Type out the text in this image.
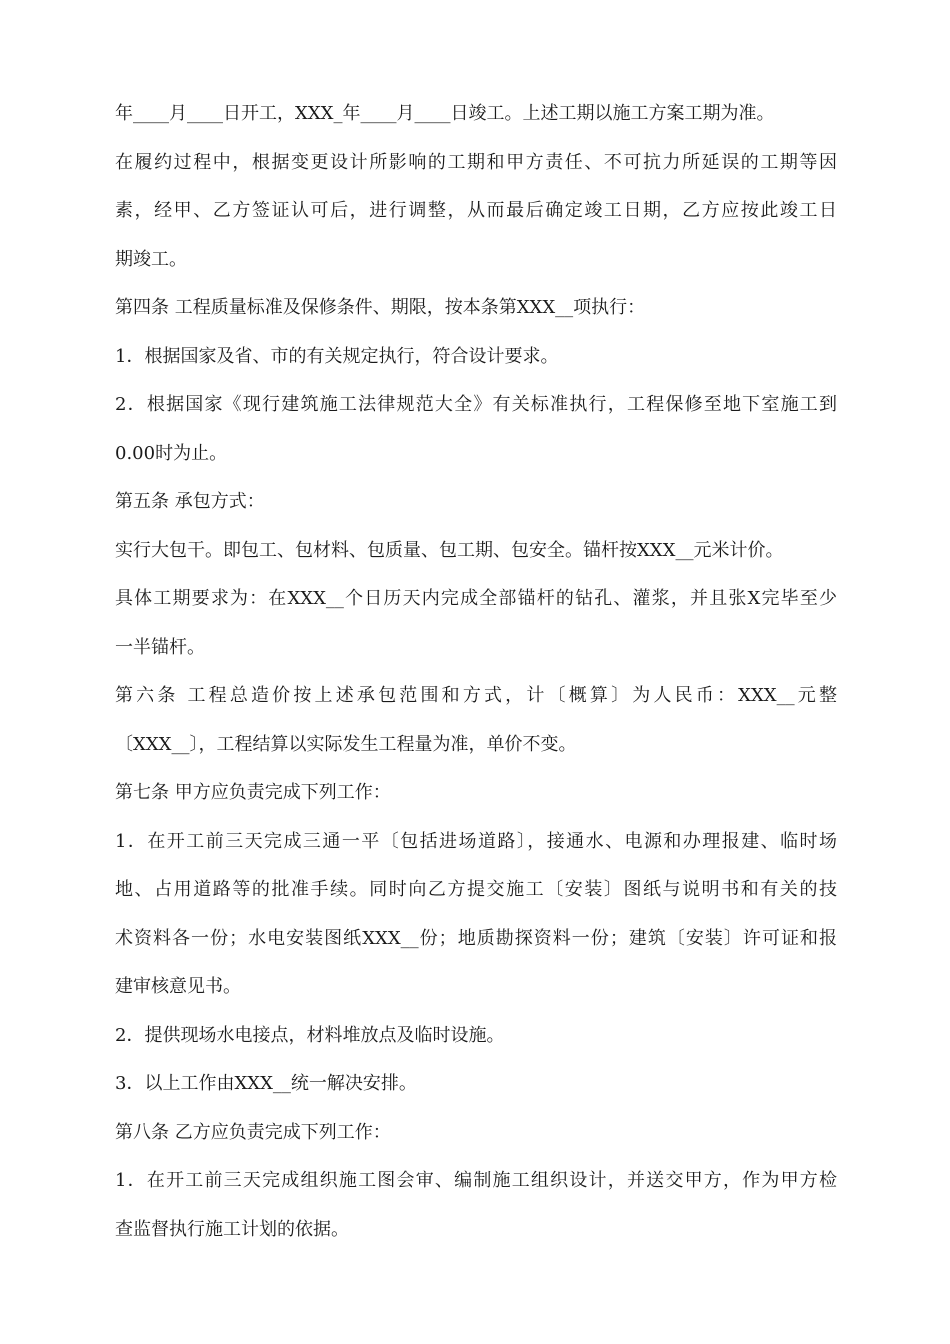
年____月____日开工，XXX_年____月____日竣工。上述工期以施工方案工期为准。
在履约过程中，根据变更设计所影响的工期和甲方责任、不可抗力所延误的工期等因
素，经甲、乙方签证认可后，进行调整，从而最后确定竣工日期，乙方应按此竣工日
期竣工。
第四条 工程质量标准及保修条件、期限，按本条第XXX__项执行：
1．根据国家及省、市的有关规定执行，符合设计要求。
2．根据国家《现行建筑施工法律规范大全》有关标准执行，工程保修至地下室施工到
0.00时为止。
第五条 承包方式：
实行大包干。即包工、包材料、包质量、包工期、包安全。锚杆按XXX__元米计价。
具体工期要求为：在XXX__个日历天内完成全部锚杆的钻孔、灌浆，并且张X完毕至少
一半锚杆。
第六条 工程总造价按上述承包范围和方式，计〔概算〕为人民币：XXX__元整
〔XXX__〕，工程结算以实际发生工程量为准，单价不变。
第七条 甲方应负责完成下列工作：
1．在开工前三天完成三通一平〔包括进场道路〕，接通水、电源和办理报建、临时场
地、占用道路等的批准手续。同时向乙方提交施工〔安装〕图纸与说明书和有关的技
术资料各一份；水电安装图纸XXX__份；地质勘探资料一份；建筑〔安装〕许可证和报
建审核意见书。
2．提供现场水电接点，材料堆放点及临时设施。
3．以上工作由XXX__统一解决安排。
第八条 乙方应负责完成下列工作：
1．在开工前三天完成组织施工图会审、编制施工组织设计，并送交甲方，作为甲方检
查监督执行施工计划的依据。
